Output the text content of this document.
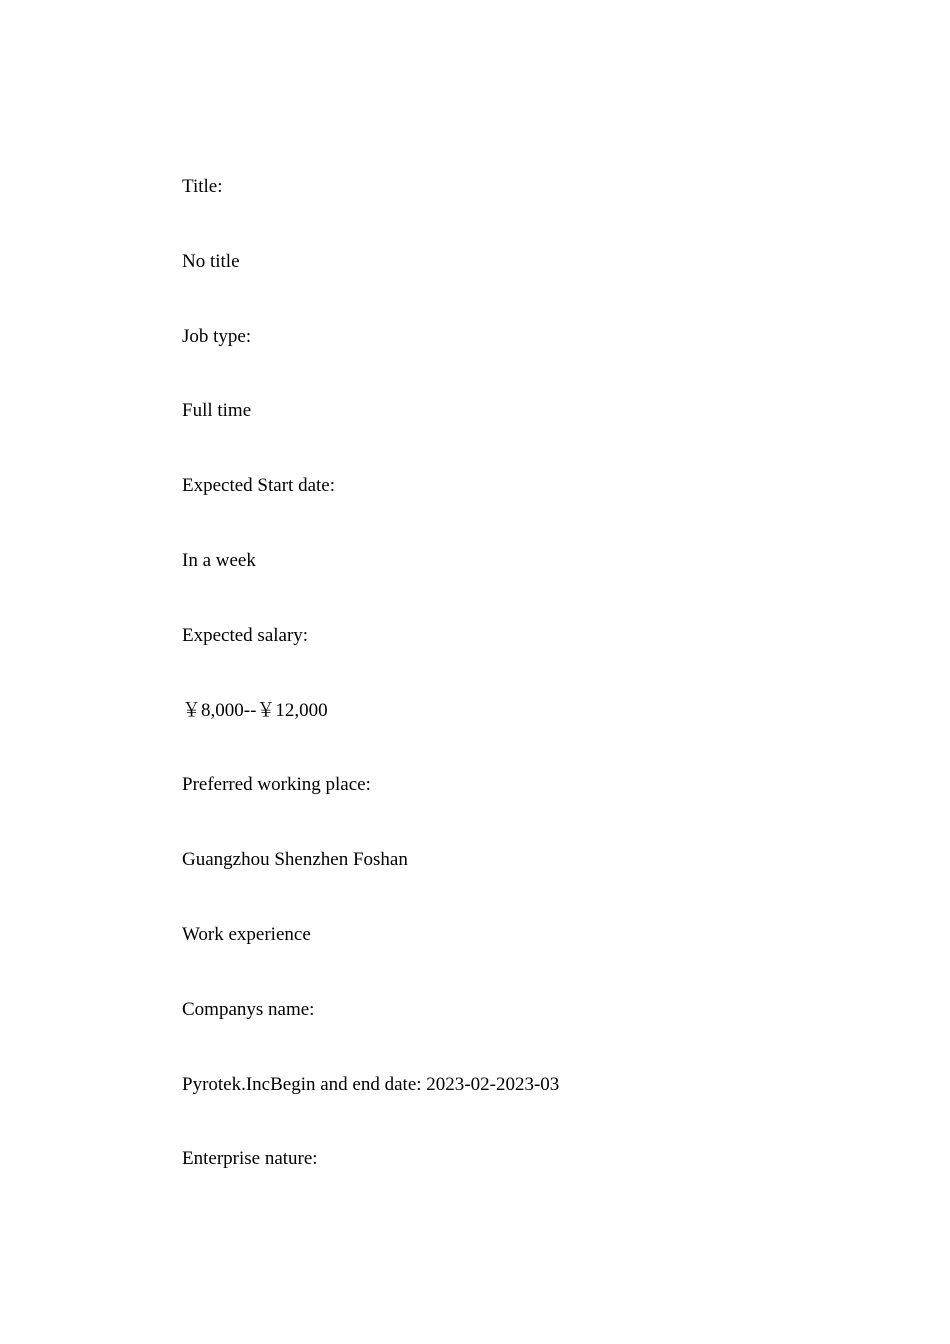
Title:
No title
Job type:
Full time
Expected Start date:
In a week
Expected salary:
￥8,000--￥12,000
Preferred working place:
Guangzhou Shenzhen Foshan
Work experience
Companys name:
Pyrotek.IncBegin and end date: 2023-02-2023-03
Enterprise nature:
